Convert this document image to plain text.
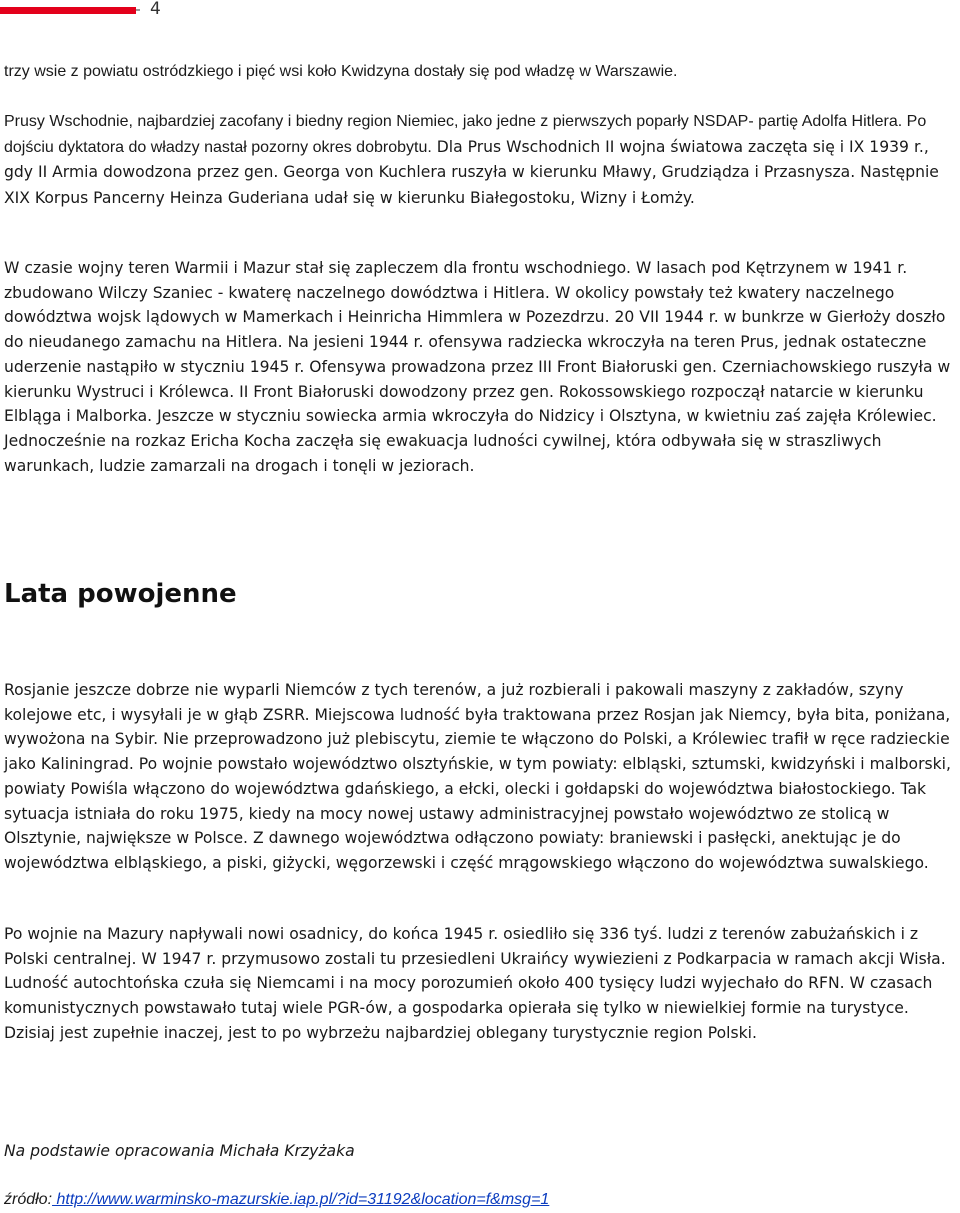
4

trzy wsie z powiatu ostródzkiego i pięć wsi koło Kwidzyna dostały się pod władzę w Warszawie.

Prusy Wschodnie, najbardziej zacofany i biedny region Niemiec, jako jedne z pierwszych poparły NSDAP- partię Adolfa Hitlera. Po dojściu dyktatora do władzy nastał pozorny okres dobrobytu. Dla Prus Wschodnich II wojna światowa zaczęta się i IX 1939 r., gdy II Armia dowodzona przez gen. Georga von Kuchlera ruszyła w kierunku Mławy, Grudziądza i Przasnysza. Następnie XIX Korpus Pancerny Heinza Guderiana udał się w kierunku Białegostoku, Wizny i Łomży.

W czasie wojny teren Warmii i Mazur stał się zapleczem dla frontu wschodniego. W lasach pod Kętrzynem w 1941 r. zbudowano Wilczy Szaniec - kwaterę naczelnego dowództwa i Hitlera. W okolicy powstały też kwatery naczelnego dowództwa wojsk lądowych w Mamerkach i Heinricha Himmlera w Pozezdrzu. 20 VII 1944 r. w bunkrze w Gierłoży doszło do nieudanego zamachu na Hitlera. Na jesieni 1944 r. ofensywa radziecka wkroczyła na teren Prus, jednak ostateczne uderzenie nastąpiło w styczniu 1945 r. Ofensywa prowadzona przez III Front Białoruski gen. Czerniachowskiego ruszyła w kierunku Wystruci i Królewca. II Front Białoruski dowodzony przez gen. Rokossowskiego rozpoczął natarcie w kierunku Elbląga i Malborka. Jeszcze w styczniu sowiecka armia wkroczyła do Nidzicy i Olsztyna, w kwietniu zaś zajęła Królewiec. Jednocześnie na rozkaz Ericha Kocha zaczęła się ewakuacja ludności cywilnej, która odbywała się w straszliwych warunkach, ludzie zamarzali na drogach i tonęli w jeziorach.

Lata powojenne

Rosjanie jeszcze dobrze nie wyparli Niemców z tych terenów, a już rozbierali i pakowali maszyny z zakładów, szyny kolejowe etc, i wysyłali je w głąb ZSRR. Miejscowa ludność była traktowana przez Rosjan jak Niemcy, była bita, poniżana, wywożona na Sybir. Nie przeprowadzono już plebiscytu, ziemie te włączono do Polski, a Królewiec trafił w ręce radzieckie jako Kaliningrad. Po wojnie powstało województwo olsztyńskie, w tym powiaty: elbląski, sztumski, kwidzyński i malborski, powiaty Powiśla włączono do województwa gdańskiego, a ełcki, olecki i gołdapski do województwa białostockiego. Tak sytuacja istniała do roku 1975, kiedy na mocy nowej ustawy administracyjnej powstało województwo ze stolicą w Olsztynie, największe w Polsce. Z dawnego województwa odłączono powiaty: braniewski i pasłęcki, anektując je do województwa elbląskiego, a piski, giżycki, węgorzewski i część mrągowskiego włączono do województwa suwalskiego.

Po wojnie na Mazury napływali nowi osadnicy, do końca 1945 r. osiedliło się 336 tyś. ludzi z terenów zabużańskich i z Polski centralnej. W 1947 r. przymusowo zostali tu przesiedleni Ukraińcy wywiezieni z Podkarpacia w ramach akcji Wisła. Ludność autochtońska czuła się Niemcami i na mocy porozumień około 400 tysięcy ludzi wyjechało do RFN. W czasach komunistycznych powstawało tutaj wiele PGR-ów, a gospodarka opierała się tylko w niewielkiej formie na turystyce. Dzisiaj jest zupełnie inaczej, jest to po wybrzeżu najbardziej oblegany turystycznie region Polski.

Na podstawie opracowania Michała Krzyżaka

źródło: http://www.warminsko-mazurskie.iap.pl/?id=31192&location=f&msg=1
